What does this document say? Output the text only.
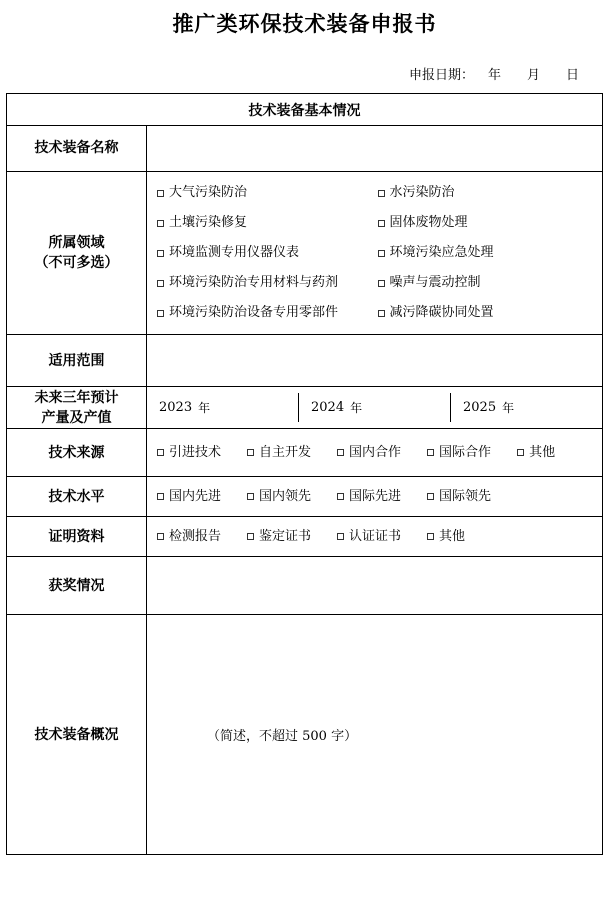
推广类环保技术装备申报书
申报日期： 年 月 日
技术装备基本情况	
技术装备名称	

所属领域
（不可多选）

大气污染防治	水污染防治
土壤污染修复	固体废物处理
环境监测专用仪器仪表	环境污染应急处理
环境污染防治专用材料与药剂	噪声与震动控制
环境污染防治设备专用零部件	减污降碳协同处置

适用范围	

未来三年预计
产量及产值

2023 年	2024 年	2025 年

技术来源	引进技术 自主开发 国内合作 国际合作 其他

技术水平	国内先进 国内领先 国际先进 国际领先

证明资料	检测报告 鉴定证书 认证证书 其他

获奖情况	
技术装备概况	（简述，不超过 500 字）
